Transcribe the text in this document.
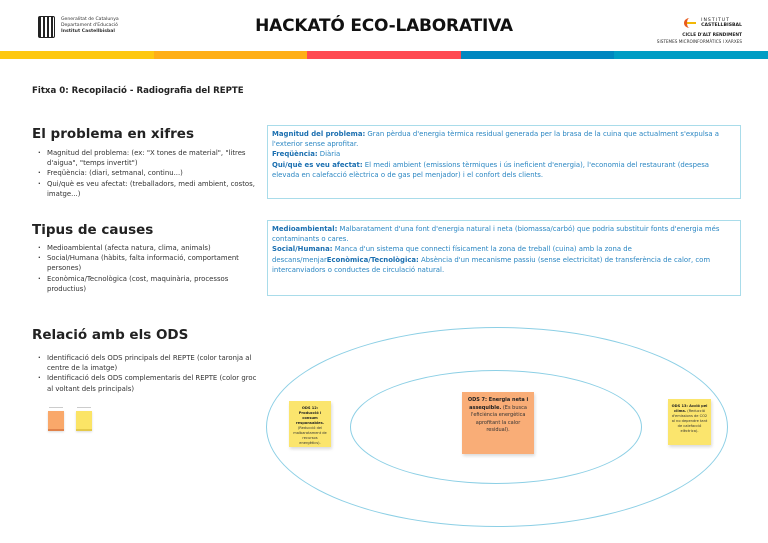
Generalitat de Catalunya
Departament d'Educació
Institut Castellbisbal	HACKATÓ ECO-LABORATIVA
	INSTITUT
CASTELLBISBAL
CICLE D'ALT RENDIMENT
SISTEMES MICROINFORMÀTICS I XARXES
Fitxa 0: Recopilació - Radiografia del REPTE
El problema en xifres
· Magnitud del problema: (ex: "X tones de material", "litres d'aigua", "temps invertit")
· Freqüència: (diari, setmanal, continu...)
· Qui/què es veu afectat: (treballadors, medi ambient, costos, imatge...)
Magnitud del problema: Gran pèrdua d'energia tèrmica residual generada per la brasa de la cuina que actualment s'expulsa a l'exterior sense aprofitar.
Freqüència: Diària
Qui/què es veu afectat: El medi ambient (emissions tèrmiques i ús ineficient d'energia), l'economia del restaurant (despesa elevada en calefacció elèctrica o de gas pel menjador) i el confort dels clients.
Tipus de causes
· Medioambiental (afecta natura, clima, animals)
· Social/Humana (hàbits, falta informació, comportament persones)
· Econòmica/Tecnològica (cost, maquinària, processos productius)
Medioambiental: Malbaratament d'una font d'energia natural i neta (biomassa/carbó) que podria substituir fonts d'energia més contaminants o cares.
Social/Humana: Manca d'un sistema que connecti físicament la zona de treball (cuina) amb la zona de descans/menjarEconòmica/Tecnològica: Absència d'un mecanisme passiu (sense electricitat) de transferència de calor, com intercanviadors o conductes de circulació natural.
Relació amb els ODS
· Identificació dels ODS principals del REPTE (color taronja al centre de la imatge)
· Identificació dels ODS complementaris del REPTE (color groc al voltant dels principals)
ODS 12: Producció i consum responsables. (Reducció del malbaratament de recursos energètics).
ODS 7: Energia neta i assequible. (Es busca l'eficiència energètica aprofitant la calor residual).
ODS 13: Acció pel clima. (Reducció d'emissions de CO2 al no dependre tant de calefacció elèctrica).
